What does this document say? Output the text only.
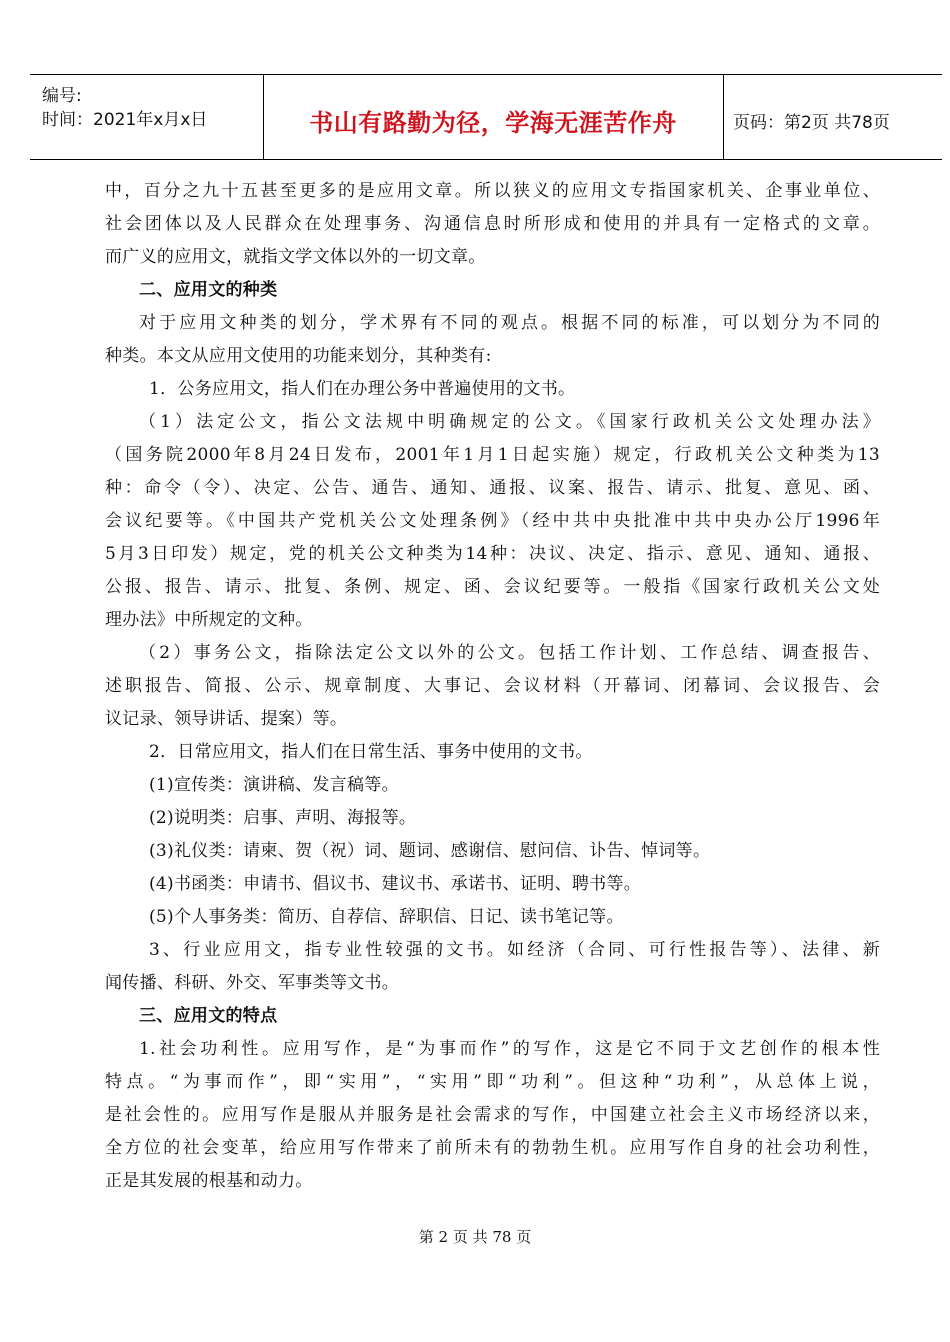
编号:
时间：2021年x月x日	书山有路勤为径，学海无涯苦作舟	页码：第2页 共78页
中，百分之九十五甚至更多的是应用文章。所以狭义的应用文专指国家机关、企事业单位、
社会团体以及人民群众在处理事务、沟通信息时所形成和使用的并具有一定格式的文章。
而广义的应用文，就指文学文体以外的一切文章。
二、应用文的种类
对于应用文种类的划分，学术界有不同的观点。根据不同的标准，可以划分为不同的
种类。本文从应用文使用的功能来划分，其种类有:
1．公务应用文，指人们在办理公务中普遍使用的文书。
（1）法定公文，指公文法规中明确规定的公文。《国家行政机关公文处理办法》
（国务院2000年8月24日发布，2001年1月1日起实施）规定，行政机关公文种类为13
种：命令（令）、决定、公告、通告、通知、通报、议案、报告、请示、批复、意见、函、
会议纪要等。《中国共产党机关公文处理条例》（经中共中央批准中共中央办公厅1996年
5月3日印发）规定，党的机关公文种类为14种：决议、决定、指示、意见、通知、通报、
公报、报告、请示、批复、条例、规定、函、会议纪要等。一般指《国家行政机关公文处
理办法》中所规定的文种。
（2）事务公文，指除法定公文以外的公文。包括工作计划、工作总结、调查报告、
述职报告、简报、公示、规章制度、大事记、会议材料（开幕词、闭幕词、会议报告、会
议记录、领导讲话、提案）等。
2．日常应用文，指人们在日常生活、事务中使用的文书。
(1)宣传类：演讲稿、发言稿等。
(2)说明类：启事、声明、海报等。
(3)礼仪类：请柬、贺（祝）词、题词、感谢信、慰问信、讣告、悼词等。
(4)书函类：申请书、倡议书、建议书、承诺书、证明、聘书等。
(5)个人事务类：简历、自荐信、辞职信、日记、读书笔记等。
3、行业应用文，指专业性较强的文书。如经济（合同、可行性报告等）、法律、新
闻传播、科研、外交、军事类等文书。
三、应用文的特点
1.社会功利性。应用写作，是“为事而作”的写作，这是它不同于文艺创作的根本性
特点。“为事而作”，即“实用”，“实用”即“功利”。但这种“功利”，从总体上说，
是社会性的。应用写作是服从并服务是社会需求的写作，中国建立社会主义市场经济以来，
全方位的社会变革，给应用写作带来了前所未有的勃勃生机。应用写作自身的社会功利性，
正是其发展的根基和动力。
第 2 页 共 78 页
